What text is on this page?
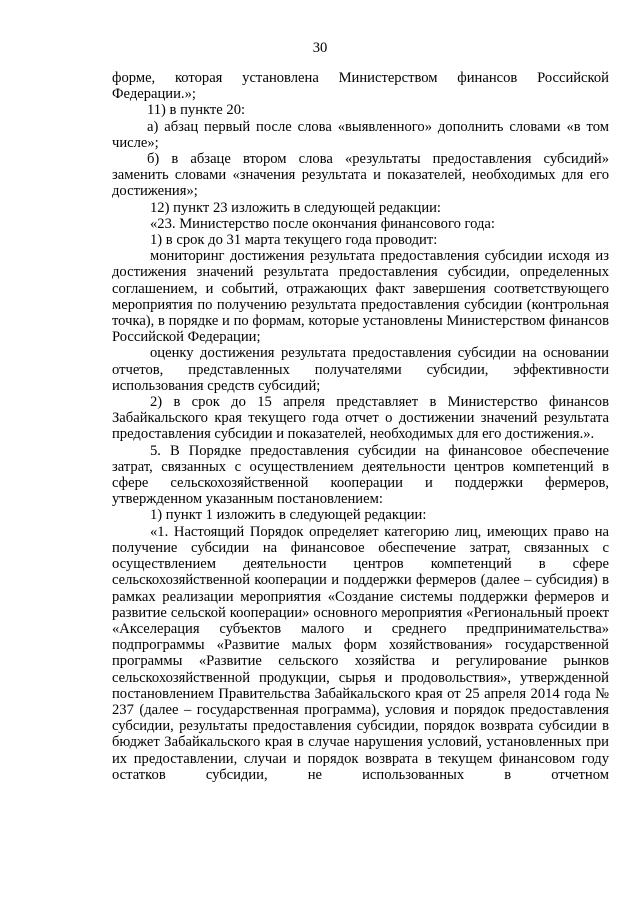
30

форме, которая установлена Министерством финансов Российской Федерации.»;

11) в пункте 20:

а) абзац первый после слова «выявленного» дополнить словами «в том числе»;

б) в абзаце втором слова «результаты предоставления субсидий» заменить словами «значения результата и показателей, необходимых для его достижения»;

12) пункт 23 изложить в следующей редакции:

«23. Министерство после окончания финансового года:

1) в срок до 31 марта текущего года проводит:

мониторинг достижения результата предоставления субсидии исходя из достижения значений результата предоставления субсидии, определенных соглашением, и событий, отражающих факт завершения соответствующего мероприятия по получению результата предоставления субсидии (контрольная точка), в порядке и по формам, которые установлены Министерством финансов Российской Федерации;

оценку достижения результата предоставления субсидии на основании отчетов, представленных получателями субсидии, эффективности использования средств субсидий;

2) в срок до 15 апреля представляет в Министерство финансов Забайкальского края текущего года отчет о достижении значений результата предоставления субсидии и показателей, необходимых для его достижения.».

5. В Порядке предоставления субсидии на финансовое обеспечение затрат, связанных с осуществлением деятельности центров компетенций в сфере сельскохозяйственной кооперации и поддержки фермеров, утвержденном указанным постановлением:

1) пункт 1 изложить в следующей редакции:

«1. Настоящий Порядок определяет категорию лиц, имеющих право на получение субсидии на финансовое обеспечение затрат, связанных с осуществлением деятельности центров компетенций в сфере сельскохозяйственной кооперации и поддержки фермеров (далее – субсидия) в рамках реализации мероприятия «Создание системы поддержки фермеров и развитие сельской кооперации» основного мероприятия «Региональный проект «Акселерация субъектов малого и среднего предпринимательства» подпрограммы «Развитие малых форм хозяйствования» государственной программы «Развитие сельского хозяйства и регулирование рынков сельскохозяйственной продукции, сырья и продовольствия», утвержденной постановлением Правительства Забайкальского края от 25 апреля 2014 года № 237 (далее – государственная программа), условия и порядок предоставления субсидии, результаты предоставления субсидии, порядок возврата субсидии в бюджет Забайкальского края в случае нарушения условий, установленных при их предоставлении, случаи и порядок возврата в текущем финансовом году остатков субсидии, не использованных в отчетном
